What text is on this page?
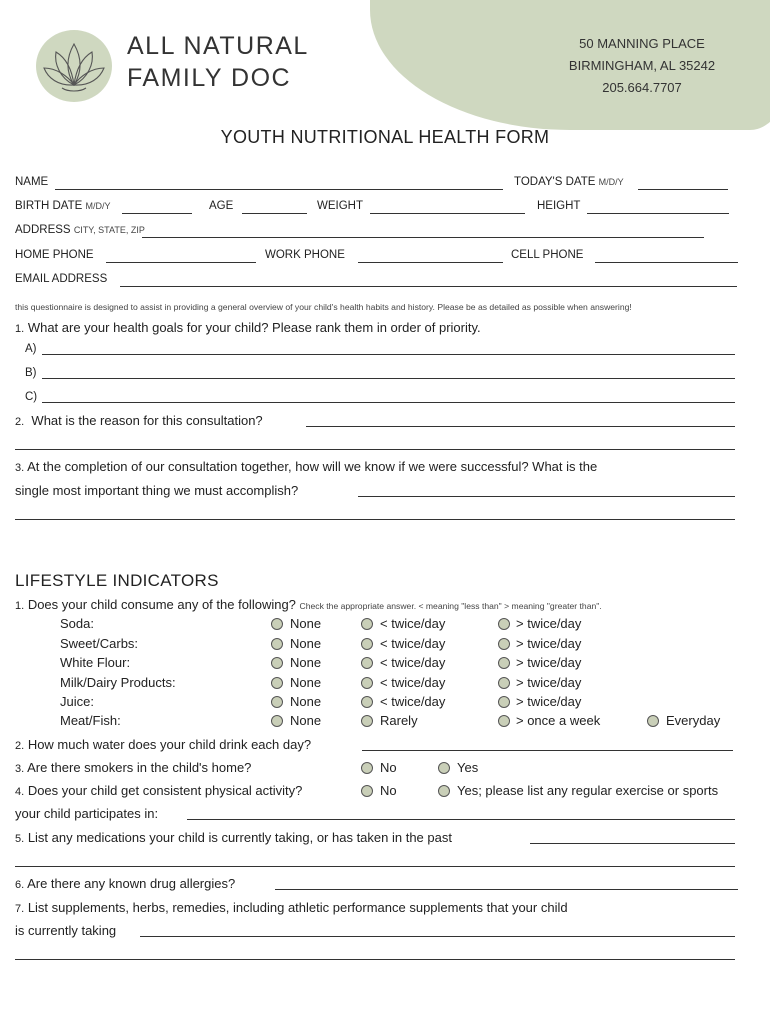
ALL NATURAL
FAMILY DOC
50 MANNING PLACE
BIRMINGHAM, AL 35242
205.664.7707
YOUTH NUTRITIONAL HEALTH FORM
NAME	TODAY'S DATE M/D/Y
BIRTH DATE M/D/Y	AGE	WEIGHT	HEIGHT
ADDRESS CITY, STATE, ZIP
HOME PHONE	WORK PHONE	CELL PHONE
EMAIL ADDRESS
this questionnaire is designed to assist in providing a general overview of your child's health habits and history. Please be as detailed as possible when answering!
1. What are your health goals for your child? Please rank them in order of priority.
A)
B)
C)
2. What is the reason for this consultation?
3. At the completion of our consultation together, how will we know if we were successful? What is the
single most important thing we must accomplish?
LIFESTYLE INDICATORS
1. Does your child consume any of the following? Check the appropriate answer. < meaning "less than" > meaning "greater than".
Soda:	None	< twice/day	> twice/day
Sweet/Carbs:	None	< twice/day	> twice/day
White Flour:	None	< twice/day	> twice/day
Milk/Dairy Products:	None	< twice/day	> twice/day
Juice:	None	< twice/day	> twice/day
Meat/Fish:	None	Rarely	> once a week	Everyday
2. How much water does your child drink each day?
3. Are there smokers in the child's home?	No	Yes
4. Does your child get consistent physical activity?	No	Yes; please list any regular exercise or sports
your child participates in:
5. List any medications your child is currently taking, or has taken in the past
6. Are there any known drug allergies?
7. List supplements, herbs, remedies, including athletic performance supplements that your child
is currently taking
